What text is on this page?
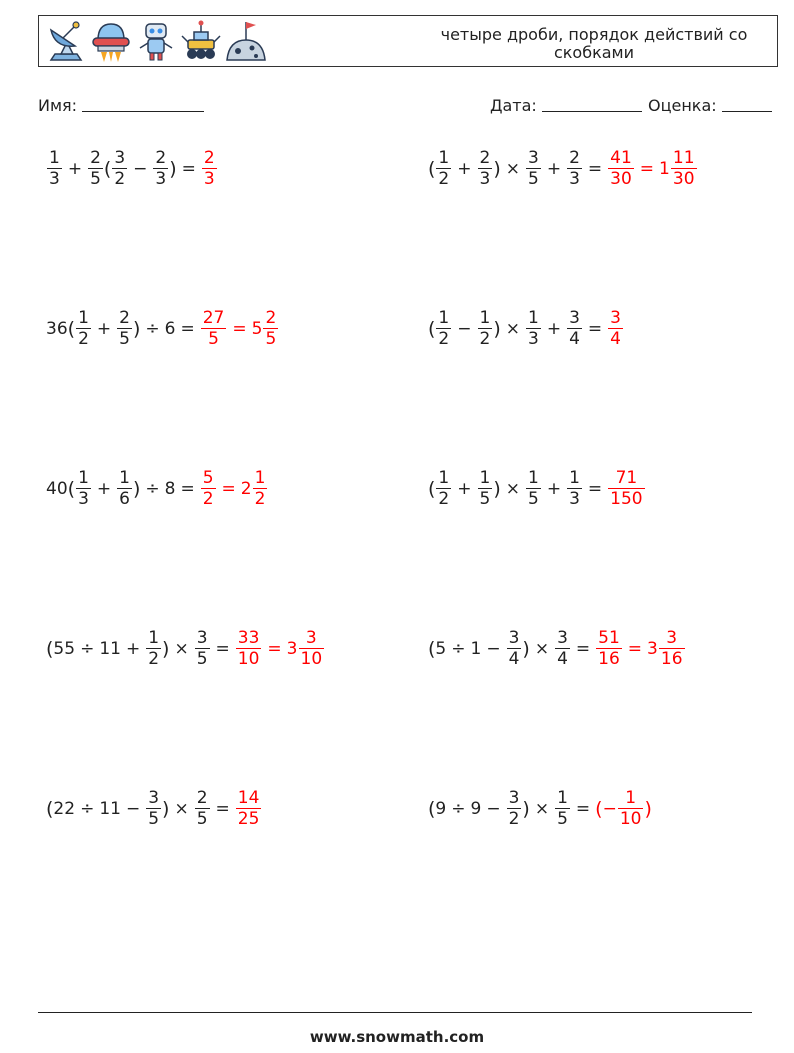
четыре дроби, порядок действий со скобками
Имя:	Дата:	Оценка:
$\frac{1}{3} + \frac{2}{5}$ ( $\frac{3}{2} - \frac{2}{3}$ ) = $\frac{2}{3}$	( $\frac{1}{2} + \frac{2}{3}$ ) × $\frac{3}{5} + \frac{2}{3} = \frac{41}{30} = 1 \frac{11}{30}$
36 ( $\frac{1}{2} + \frac{2}{5}$ ) ÷ $6 = \frac{27}{5} = 5 \frac{2}{5}$	( $\frac{1}{2} - \frac{1}{2}$ ) × $\frac{1}{3} + \frac{3}{4} = \frac{3}{4}$
40 ( $\frac{1}{3} + \frac{1}{6}$ ) ÷ $8 = \frac{5}{2} = 2 \frac{1}{2}$	( $\frac{1}{2} + \frac{1}{5}$ ) × $\frac{1}{5} + \frac{1}{3} = \frac{71}{150}$
( $55 \div 11 + \frac{1}{2}$ ) × $\frac{3}{5} = \frac{33}{10} = 3 \frac{3}{10}$	( $5 \div 1 - \frac{3}{4}$ ) × $\frac{3}{4} = \frac{51}{16} = 3 \frac{3}{16}$
( $22 \div 11 - \frac{3}{5}$ ) × $\frac{2}{5} = \frac{14}{25}$	( $9 \div 9 - \frac{3}{2}$ ) × $\frac{1}{5}$ = ( − $\frac{1}{10}$ )
www.snowmath.com
